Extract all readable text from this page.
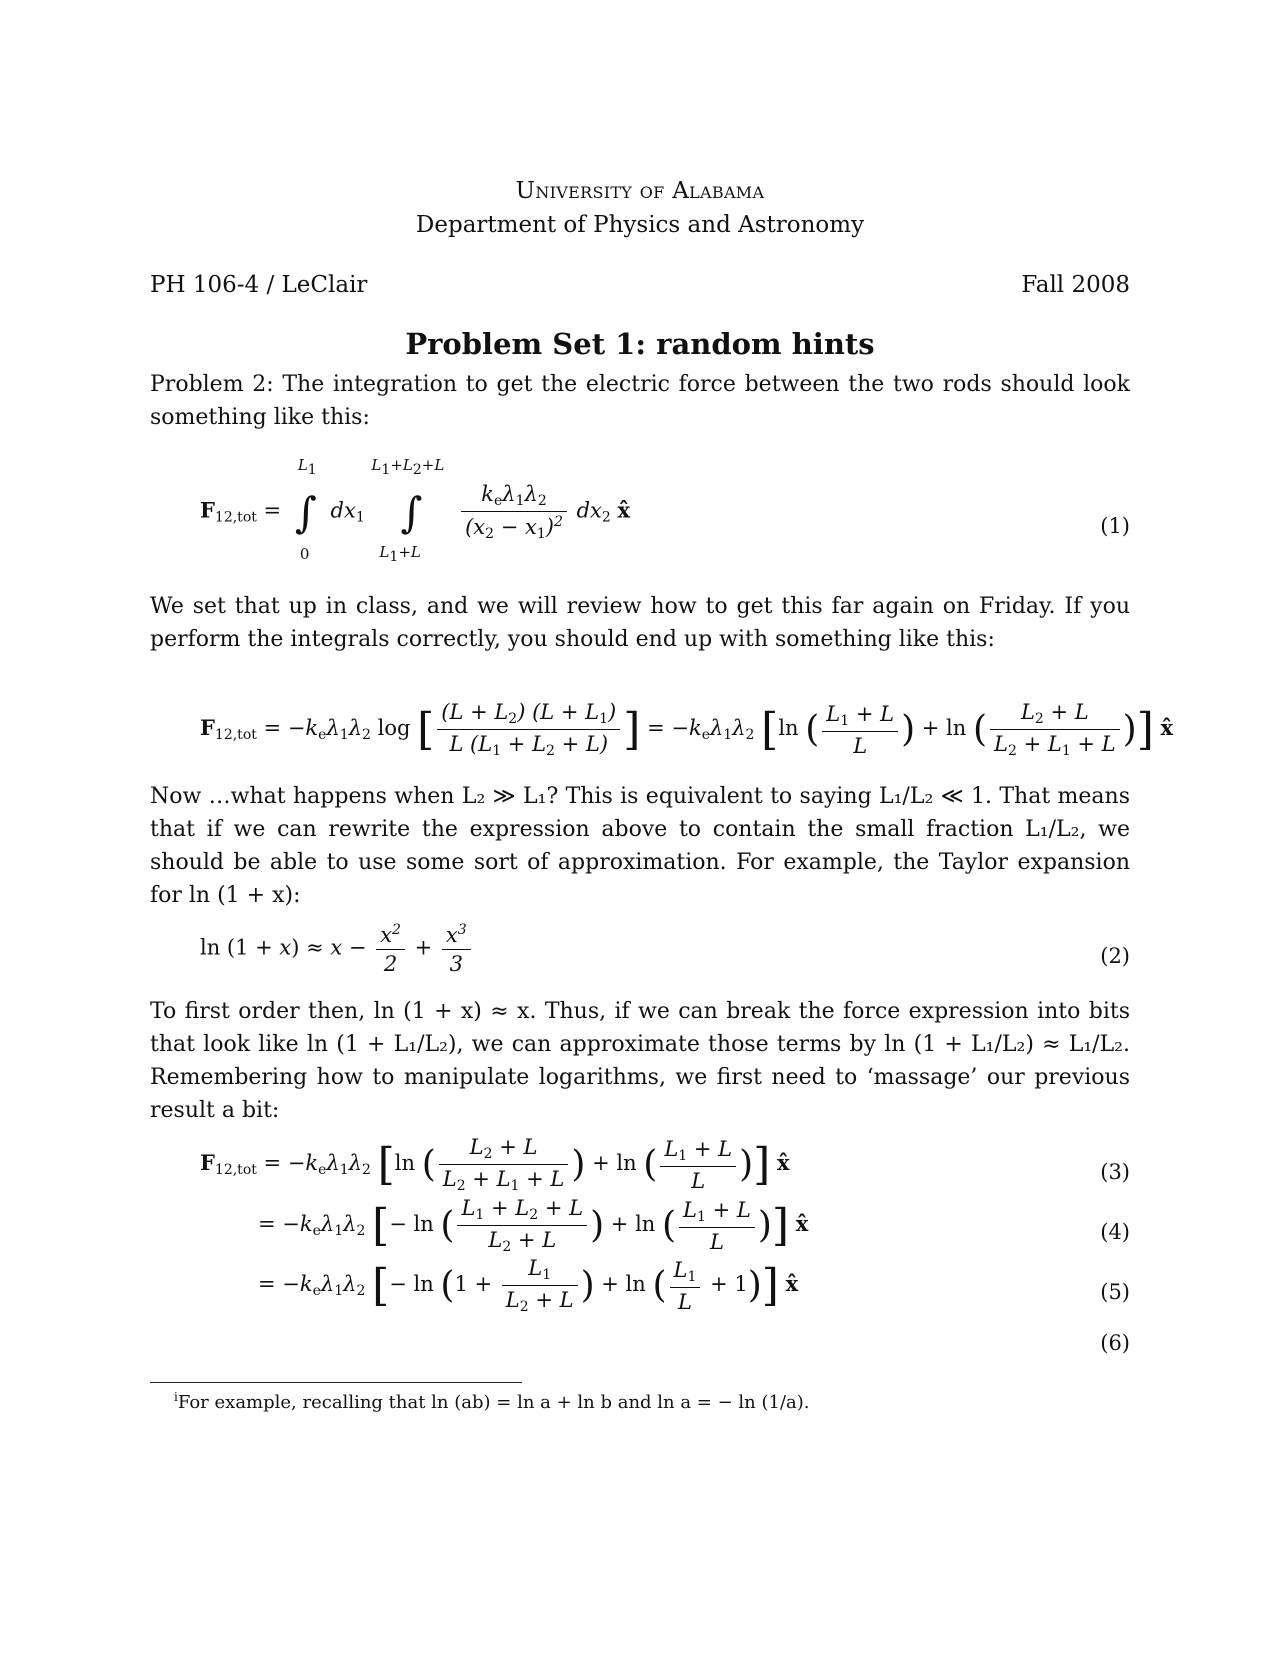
University of Alabama
Department of Physics and Astronomy
PH 106-4 / LeClair	Fall 2008
Problem Set 1: random hints
Problem 2: The integration to get the electric force between the two rods should look something like this:
$F_{12,tot}$ =
L1
∫
0
$dx_1$
L1+L2+L
∫
L1+L

$\frac{k_e\lambda_1\lambda_2}{(x_2 - x_1)^2} dx_2$ x̂
(1)
We set that up in class, and we will review how to get this far again on Friday. If you perform the integrals correctly, you should end up with something like this:
$F_{12,tot} = -k_e\lambda_1\lambda_2$ log [ $\frac{(L + L_2) (L + L_1)}{L (L_1 + L_2 + L)}$ ] = $-k_e\lambda_1\lambda_2$ [ln ( $\frac{L_1 + L}{L}$ ) + ln ( $\frac{L_2 + L}{L_2 + L_1 + L}$ )] x̂
Now …what happens when L₂ ≫ L₁? This is equivalent to saying L₁/L₂ ≪ 1. That means that if we can rewrite the expression above to contain the small fraction L₁/L₂, we should be able to use some sort of approximation. For example, the Taylor expansion for ln (1 + x):
$\ln (1 + x) \approx x - \frac{x^2}{2} + \frac{x^3}{3}$	(2)
To first order then, ln (1 + x) ≈ x. Thus, if we can break the force expression into bits that look like ln (1 + L₁/L₂), we can approximate those terms by ln (1 + L₁/L₂) ≈ L₁/L₂. Remembering how to manipulate logarithms, we first need to ‘massage’ our previous result a bit:
$F_{12,tot} = -k_e\lambda_1\lambda_2$ [ln ( $\frac{L_2 + L}{L_2 + L_1 + L}$ ) + ln ( $\frac{L_1 + L}{L}$ )] x̂	(3)
= $-k_e\lambda_1\lambda_2$ [− ln ( $\frac{L_1 + L_2 + L}{L_2 + L}$ ) + ln ( $\frac{L_1 + L}{L}$ )] x̂	(4)
= $-k_e\lambda_1\lambda_2$ [− $\ln (1 + \frac{L_1}{L_2 + L}$ ) + ln ( $\frac{L_1}{L} + 1$)] x̂	(5)
(6)
$^i$For example, recalling that ln (ab) = ln a + ln b and ln a = − ln (1/a).
